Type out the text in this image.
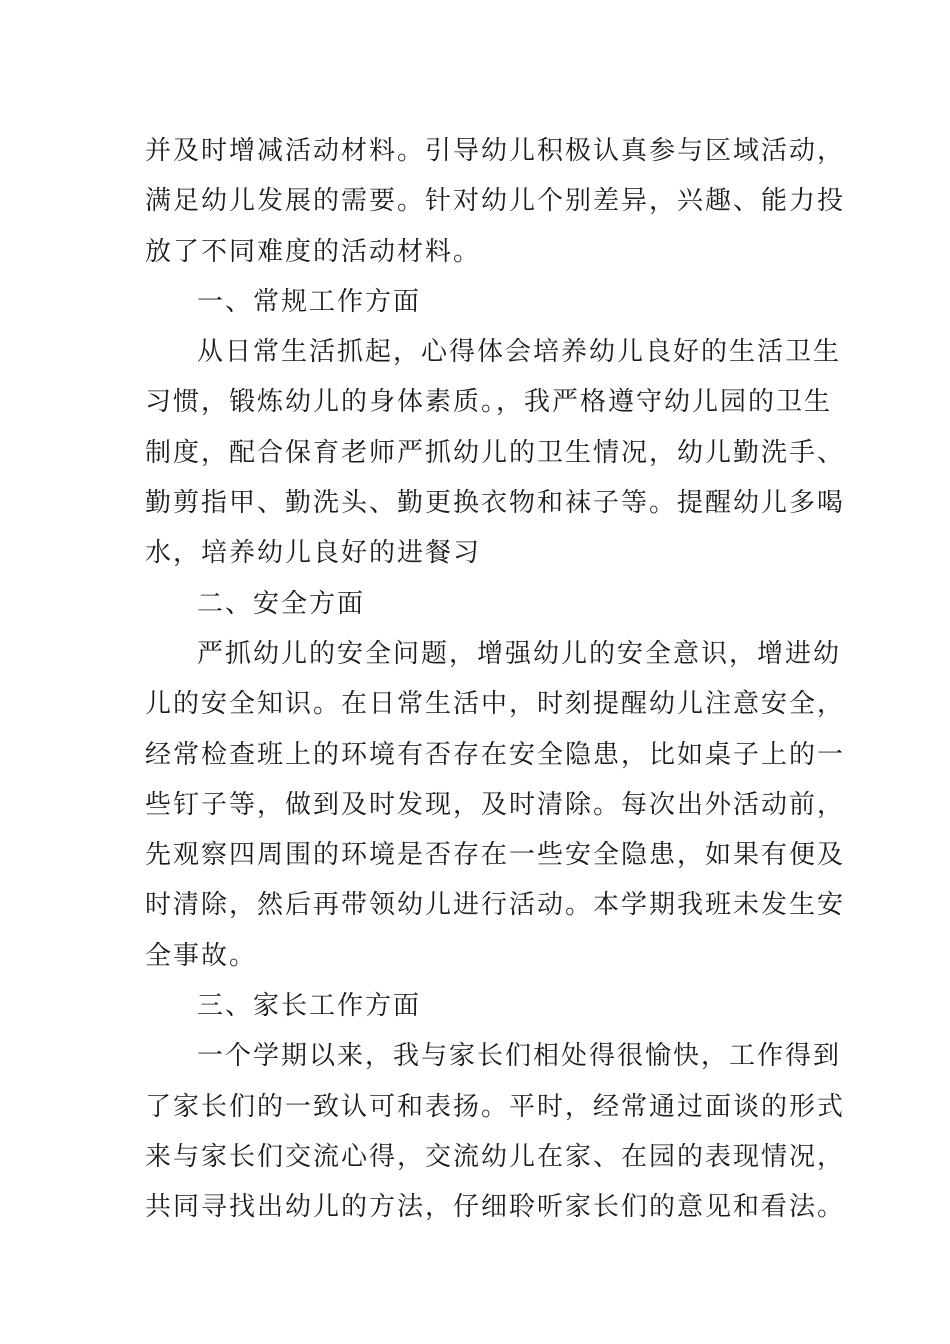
并及时增减活动材料。引导幼儿积极认真参与区域活动，
满足幼儿发展的需要。针对幼儿个别差异，兴趣、能力投
放了不同难度的活动材料。
一、常规工作方面
从日常生活抓起，心得体会培养幼儿良好的生活卫生
习惯，锻炼幼儿的身体素质。，我严格遵守幼儿园的卫生
制度，配合保育老师严抓幼儿的卫生情况，幼儿勤洗手、
勤剪指甲、勤洗头、勤更换衣物和袜子等。提醒幼儿多喝
水，培养幼儿良好的进餐习
二、安全方面
严抓幼儿的安全问题，增强幼儿的安全意识，增进幼
儿的安全知识。在日常生活中，时刻提醒幼儿注意安全，
经常检查班上的环境有否存在安全隐患，比如桌子上的一
些钉子等，做到及时发现，及时清除。每次出外活动前，
先观察四周围的环境是否存在一些安全隐患，如果有便及
时清除，然后再带领幼儿进行活动。本学期我班未发生安
全事故。
三、家长工作方面
一个学期以来，我与家长们相处得很愉快，工作得到
了家长们的一致认可和表扬。平时，经常通过面谈的形式
来与家长们交流心得，交流幼儿在家、在园的表现情况，
共同寻找出幼儿的方法，仔细聆听家长们的意见和看法。
